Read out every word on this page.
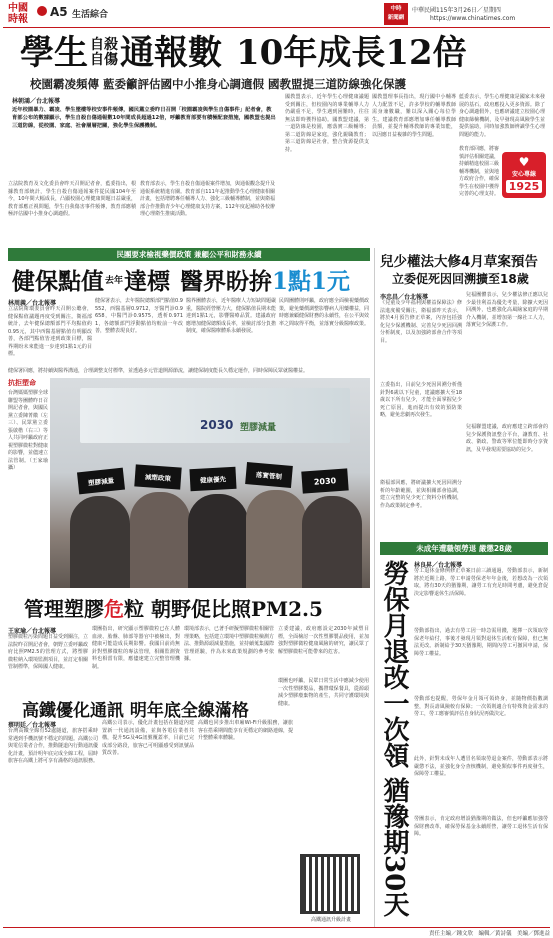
中國
時報
A5 生活綜合
中時
新聞網
中華民國115年3月26日／星期四
https://www.chinatimes.com
學生 自殺
自傷 通報數 10年成長12倍
校園霸凌頻傳 藍委籲評估國中小推身心調適假 國教盟提三道防線強化保護
林朝鴻／台北報導
近年校園暴力、霸凌、學生墜樓等校安事件頻傳，國民黨立委昨日召開「校園霸凌與學生自傷事件」記者會，教育部公布的數據顯示，學生自殺自傷通報數10年間成長超過12倍，呼籲教育部要有積極配套措施，國教盟也提出三道防線，從校園、家庭、社會層層把關，強化學生保護機制。
立法院教育及文化委員會昨天召開記者會，藍委指出，根據教育部統計，學生自殺自傷通報案件從民國104年至今，10年間大幅成長，凸顯校園心理健康問題日益嚴重，教育部應正視問題，學生自我傷害事件頻傳，教育部應積極評估國中小推身心調適假。
教育部表示，學生自殺自傷通報案件增加，與通報觀念提升及通報系統精進有關。教育部自111年起推動學生心理健康相關計畫，包括增聘專任輔導人力、強化三級輔導體制，並與衛福部合作推動青少年心理健康支持方案，112年度起補助各校辦理心理衛生推廣活動。
國教盟表示，近年學生心理健康議題受到關注，但校園內的專業輔導人力仍嚴重不足，學生遇到困難時，往往無法即時獲得協助。國教盟建議，第一道防線是校園，應落實三級輔導；第二道防線是家庭，強化親職教育；第三道防線是社會，整合資源提供支持。
國教盟理事長指出，現行國中小輔導人力配置不足，許多學校的輔導教師需身兼數職，難以深入關心每位學生。建議教育部應增加專任輔導教師員額，並提升輔導教師的專業知能，以因應日益複雜的學生問題。
藍委表示，學生心理健康是國家未來發展的基石，政府應投入更多資源。除了身心調適假外，也應研議建立校園心理健康篩檢機制，及早發現高風險學生並提供協助，同時加強教師辨識學生心理問題的能力。
教育部回應，將審慎評估相關建議，持續精進校園三級輔導機制，並與地方政府合作，確保學生在校園中獲得完善的心理支持。
♥
安心專線
1925
民團要求檢視藥價政策 兼顧公平和財務永續
健保點值 去年 達標 醫界盼拚 1點1元
林周義／台北報導
立法院衛環委員會昨天召開公聽會，健保點值議題再度受到關注。衛福部統計，去年健保總額部門平均點值約0.95元，其中西醫基層點值有明顯改善，各部門點值皆達到政策目標，醫界期盼未來能進一步達到1點1元的目標。
健保署表示，去年醫院總額部門點值0.9552，西醫基層0.9712，牙醫門診0.9658，中醫門診0.9575，透析0.9711，各總額部門浮動點值均較前一年改善，整體表現良好。
醫界團體表示，近年醫療人力短缺問題嚴重，醫院經營壓力大，健保點值長期未能達到1點1元，影響醫療品質。建議政府應增加健保總額成長率，並檢討部分負擔制度，確保醫療體系永續發展。
民間團體則呼籲，政府應全面檢視藥價政策，避免藥價調整影響病人用藥權益，同時應兼顧健保財務的永續性，在公平與效率之間取得平衡，並落實分級醫療政策。
健保署回應，將持續與醫界溝通，合理調整支付標準，並透過多元管道開源節流，讓健保制度能長久穩定運作，同時保障民眾就醫權益。
2030 塑膠減量
塑膠減量	減塑政策	健康優先	落實管制
2030
抗拒塑命
台灣媽媽塑膠全球聯盟等團體昨日召開記者會，與國民黨立委陳菁徽（左三）、民眾黨立委張啟楷（右三）等人共同呼籲政府正視塑膠微粒對健康的影響，並儘速立法管制。（王家瑜攝）
管理塑膠 危 粒 朝野促比照PM2.5
王家瑜／台北報導
塑膠微粒污染問題日益受到關注，立法院昨召開記者會，朝野立委呼籲政府比照PM2.5的管理方式，將塑膠微粒納入環境監測項目，並訂定相關管制標準，保障國人健康。
環團指出，研究顯示塑膠微粒已在人體血液、胎盤、肺部等器官中被檢出，對健康可能造成長期影響。我國目前尚無針對塑膠微粒的專法管理，相關監測資料也相當有限，應儘速建立完整管理機制。
環境部表示，已著手研擬塑膠微粒相關管理策略，包括建立環境中塑膠微粒檢測方法、推動源頭減量措施，並持續蒐集國際管理經驗，作為未來政策規劃的參考依據。
立委建議，政府應設定2030年減塑目標，全面檢討一次性塑膠製品使用，並加強對塑膠微粒健康風險的研究，讓民眾了解塑膠微粒可能帶來的危害。
環團也呼籲，民眾日常生活中應減少使用一次性塑膠製品，攜帶環保餐具，從源頭減少塑膠廢棄物的產生，共同守護環境與健康。
高鐵優化通訊 明年底全線滿格
蔡明廷／台北報導
台灣高鐵全線有52處隧道，旅客搭乘時常遇到手機訊號不穩定的問題。高鐵公司與電信業者合作，推動隧道內行動通訊優化計畫，預計明年底完成全線工程，屆時旅客在高鐵上將可享有滿格的通訊服務。
高鐵公司表示，優化計畫包括在隧道內建置新一代通訊設備，並與各電信業者共構，提升5G及4G訊號覆蓋率，目前已完成部分路段，旅客已可明顯感受到訊號品質改善。
高鐵也同步推出車廂Wi-Fi升級服務，讓旅客在搭乘期間能享有更穩定的網路連線，提升整體乘車體驗。
高鐵通訊升級計畫
兒少權法大修4月草案預告
立委促死因回溯擴至18歲
李忠昌／台北報導
《兒童及少年福利與權益保障法》修法進度備受關注，衛福部昨天表示，將於4月預告修正草案，內容包括強化兒少保護機制、完善兒少死因回溯分析制度，以及加強跨部會合作等項目。
立委指出，目前兒少死因回溯分析僅針對6歲以下兒童，建議應擴大至18歲以下所有兒少，才能全面掌握兒少死亡原因，進而提出有效的預防策略，避免悲劇再次發生。
衛福部回應，將研議擴大死因回溯分析的年齡範圍，並與相關部會協調，建立完整的兒少死亡資料分析機制，作為政策制定參考。
兒福團體表示，兒少權法修正應以兒少最佳利益為優先考量，除擴大死因回溯外，也應強化高風險家庭的早期介入機制，並增加第一線社工人力，落實兒少保護工作。
兒福聯盟建議，政府應建立跨部會的兒少保護資訊整合平台，讓教育、社政、衛政、警政等單位能即時分享資訊，及早發現需要協助的兒少。
未成年遭職領勞退 嚴懲28歲
勞保月退改一次領 猶豫期30天 林良昇／台北報導
勞工退休金條例修正草案日前三讀通過，勞動部表示，新制將於近期上路，勞工申請勞保老年年金後，若想改為一次領取，將有30天的猶豫期，讓勞工有充足時間考慮，避免倉促決定影響退休生活保障。
勞動部指出，過去有勞工因一時急需用錢，選擇一次領取勞保老年給付，事後才發現月領對退休生活較有保障，但已無法更改。新制給予30天猶豫期，期間內勞工可撤回申請，保障勞工權益。
勞動部也提醒，勞保年金月領可領終身，並隨物價指數調整，對長壽風險較有保障；一次領則適合有特殊資金需求的勞工，勞工應審慎評估自身狀況再做決定。
此外，針對未成年人遭冒名領取勞退金案件，勞動部表示將嚴懲不法，並強化身分查核機制，避免類似事件再度發生，保障勞工權益。
勞團表示，肯定政府增設猶豫期的做法，但也呼籲應加強勞保財務改革，確保勞保基金永續經營，讓勞工退休生活有保障。
責任主編／鍾文欣　編輯／黃詩儀　美編／鄧進益
